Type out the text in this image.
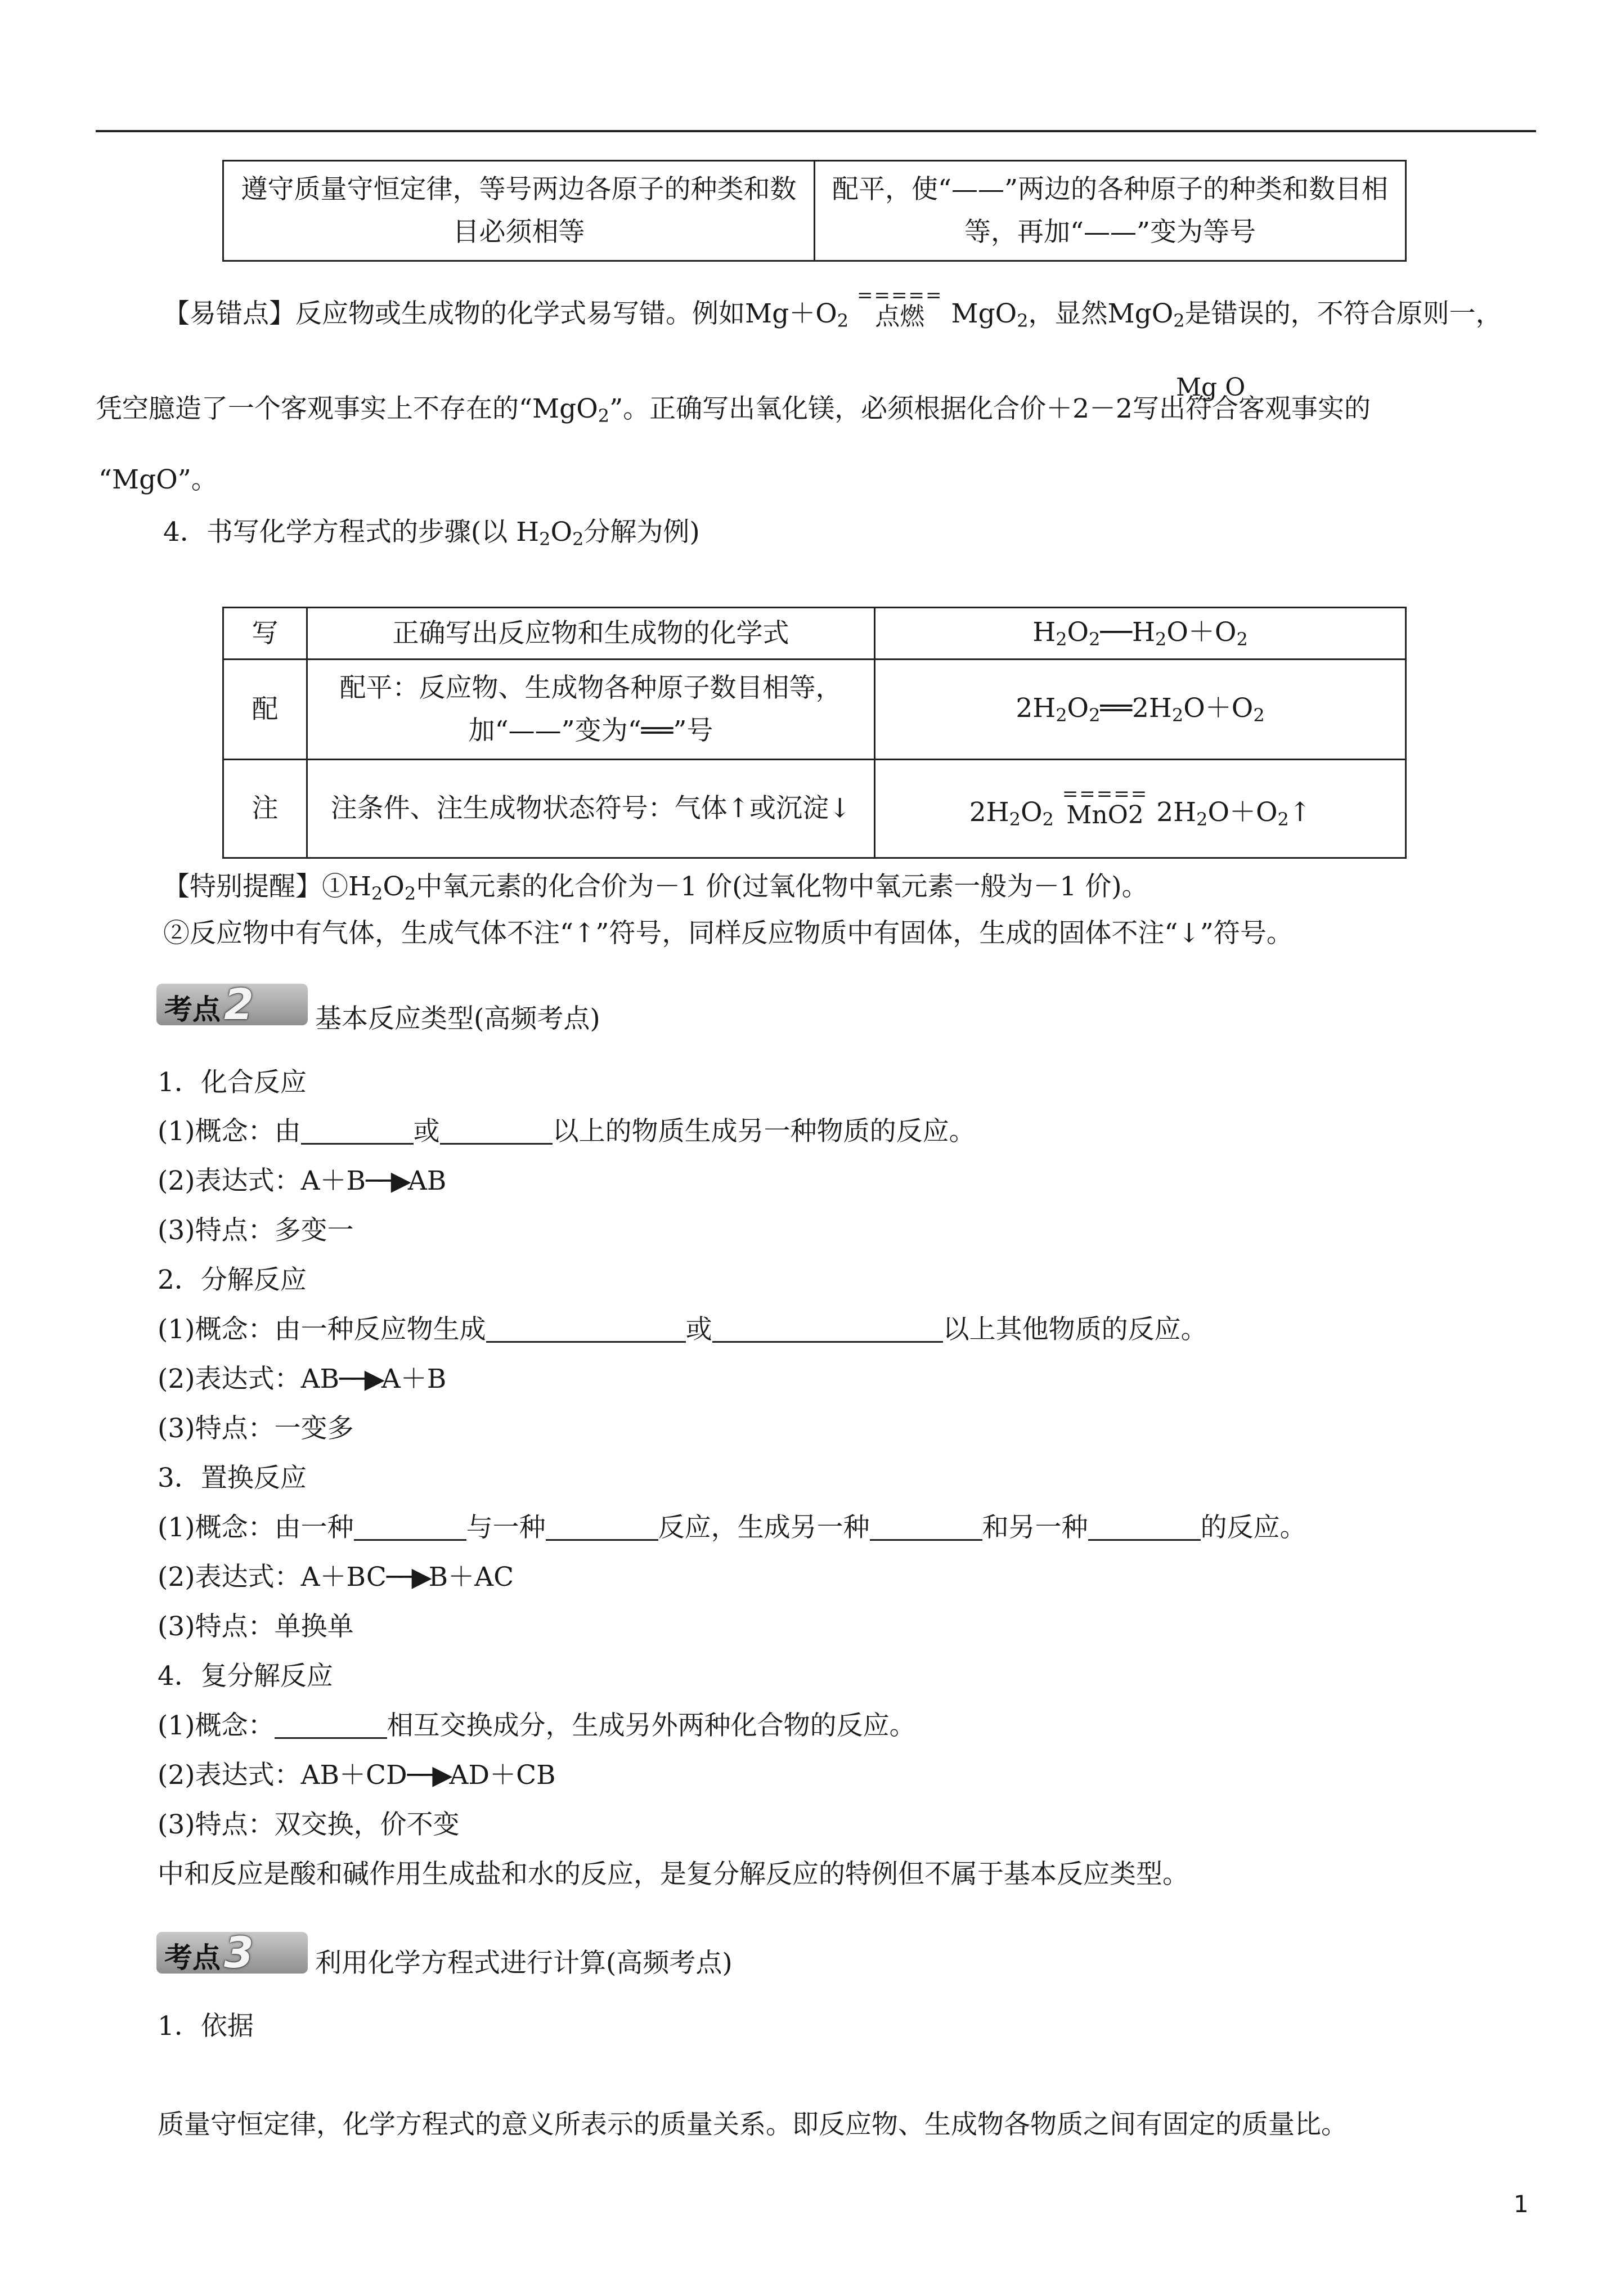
遵守质量守恒定律，等号两边各原子的种类和数目必须相等	配平，使“——”两边的各种原子的种类和数目相等，再加“——”变为等号
【易错点】反应物或生成物的化学式易写错。例如Mg＋O2
=====
点燃	MgO2，显然MgO2是错误的，不符合原则一，
Mg O
凭空臆造了一个客观事实上不存在的“MgO2”。正确写出氧化镁，必须根据化合价＋2－2写出符合客观事实的
“MgO”。
4．书写化学方程式的步骤(以 H2O2分解为例)
写	正确写出反应物和生成物的化学式	H2O2──H2O＋O2
配	配平：反应物、生成物各种原子数目相等，
加“——”变为“══”号	2H2O2══2H2O＋O2
注	注条件、注生成物状态符号：气体↑或沉淀↓	2H2O2
=====
MnO2 2H2O＋O2↑
【特别提醒】①H2O2中氧元素的化合价为－1 价(过氧化物中氧元素一般为－1 价)。
②反应物中有气体，生成气体不注“↑”符号，同样反应物质中有固体，生成的固体不注“↓”符号。
考点2	基本反应类型(高频考点)
1．化合反应
(1)概念：由	或	以上的物质生成另一种物质的反应。
(2)表达式：A＋B──▶AB
(3)特点：多变一
2．分解反应
(1)概念：由一种反应物生成	或	以上其他物质的反应。
(2)表达式：AB──▶A＋B
(3)特点：一变多
3．置换反应
(1)概念：由一种	与一种	反应，生成另一种	和另一种	的反应。
(2)表达式：A＋BC──▶B＋AC
(3)特点：单换单
4．复分解反应
(1)概念：	相互交换成分，生成另外两种化合物的反应。
(2)表达式：AB＋CD──▶AD＋CB
(3)特点：双交换，价不变
中和反应是酸和碱作用生成盐和水的反应，是复分解反应的特例但不属于基本反应类型。
考点3	利用化学方程式进行计算(高频考点)
1．依据
质量守恒定律，化学方程式的意义所表示的质量关系。即反应物、生成物各物质之间有固定的质量比。
1
